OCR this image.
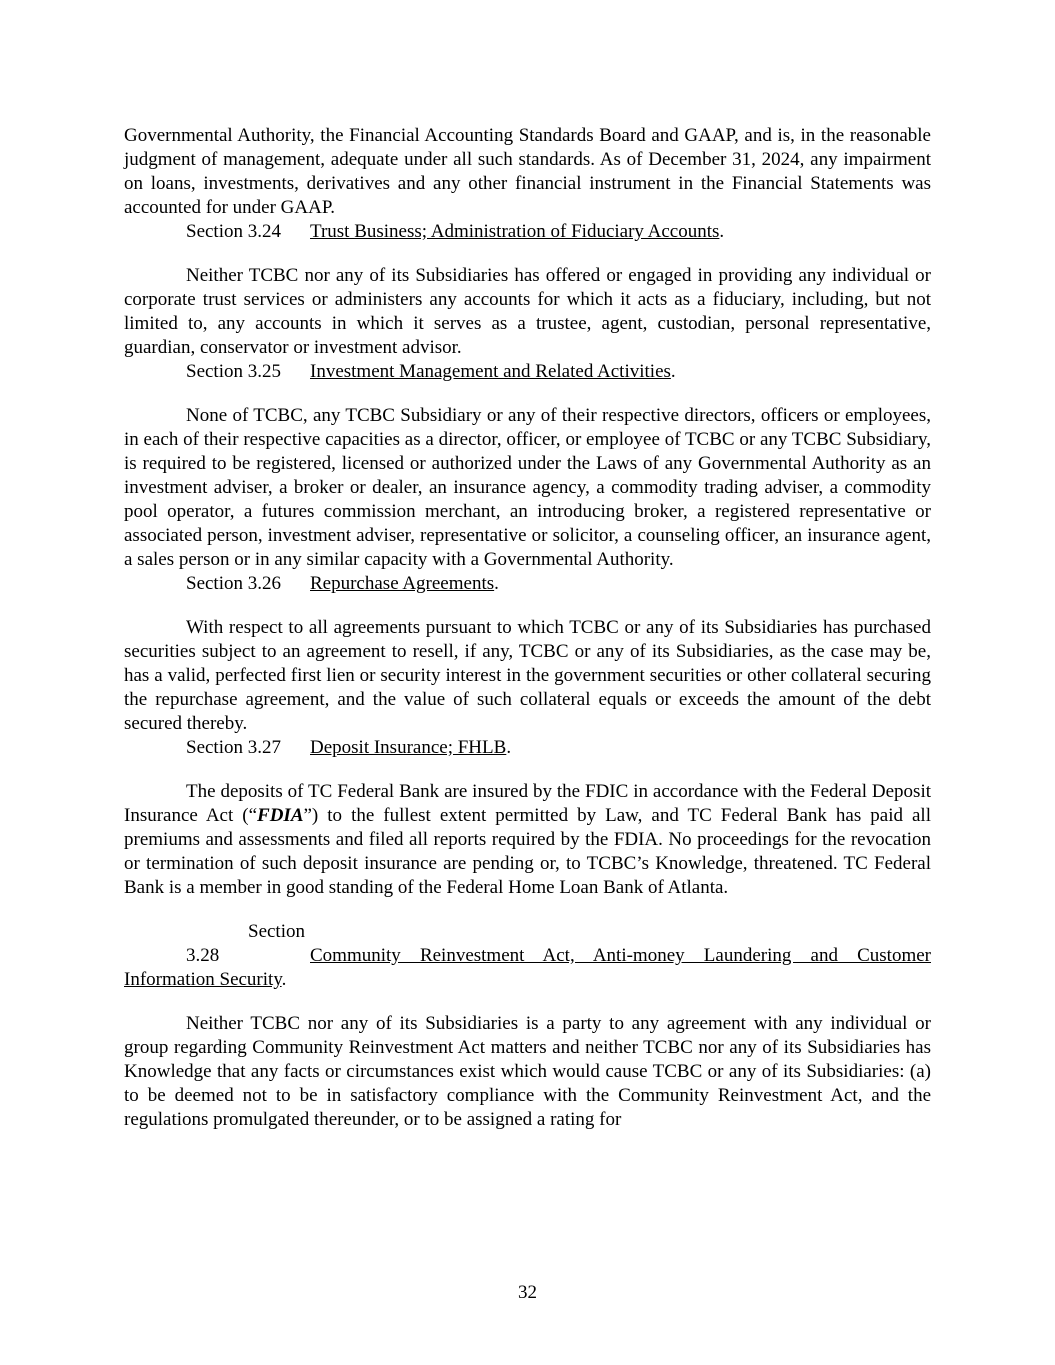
Governmental Authority, the Financial Accounting Standards Board and GAAP, and is, in the reasonable judgment of management, adequate under all such standards. As of December 31, 2024, any impairment on loans, investments, derivatives and any other financial instrument in the Financial Statements was accounted for under GAAP.

Section 3.24 Trust Business; Administration of Fiduciary Accounts.

Neither TCBC nor any of its Subsidiaries has offered or engaged in providing any individual or corporate trust services or administers any accounts for which it acts as a fiduciary, including, but not limited to, any accounts in which it serves as a trustee, agent, custodian, personal representative, guardian, conservator or investment advisor.

Section 3.25 Investment Management and Related Activities.

None of TCBC, any TCBC Subsidiary or any of their respective directors, officers or employees, in each of their respective capacities as a director, officer, or employee of TCBC or any TCBC Subsidiary, is required to be registered, licensed or authorized under the Laws of any Governmental Authority as an investment adviser, a broker or dealer, an insurance agency, a commodity trading adviser, a commodity pool operator, a futures commission merchant, an introducing broker, a registered representative or associated person, investment adviser, representative or solicitor, a counseling officer, an insurance agent, a sales person or in any similar capacity with a Governmental Authority.

Section 3.26 Repurchase Agreements.

With respect to all agreements pursuant to which TCBC or any of its Subsidiaries has purchased securities subject to an agreement to resell, if any, TCBC or any of its Subsidiaries, as the case may be, has a valid, perfected first lien or security interest in the government securities or other collateral securing the repurchase agreement, and the value of such collateral equals or exceeds the amount of the debt secured thereby.

Section 3.27 Deposit Insurance; FHLB.

The deposits of TC Federal Bank are insured by the FDIC in accordance with the Federal Deposit Insurance Act (“FDIA”) to the fullest extent permitted by Law, and TC Federal Bank has paid all premiums and assessments and filed all reports required by the FDIA. No proceedings for the revocation or termination of such deposit insurance are pending or, to TCBC’s Knowledge, threatened. TC Federal Bank is a member in good standing of the Federal Home Loan Bank of Atlanta.

Section 3.28	Community Reinvestment Act, Anti-money Laundering and Customer Information Security.

Neither TCBC nor any of its Subsidiaries is a party to any agreement with any individual or group regarding Community Reinvestment Act matters and neither TCBC nor any of its Subsidiaries has Knowledge that any facts or circumstances exist which would cause TCBC or any of its Subsidiaries: (a) to be deemed not to be in satisfactory compliance with the Community Reinvestment Act, and the regulations promulgated thereunder, or to be assigned a rating for

32
